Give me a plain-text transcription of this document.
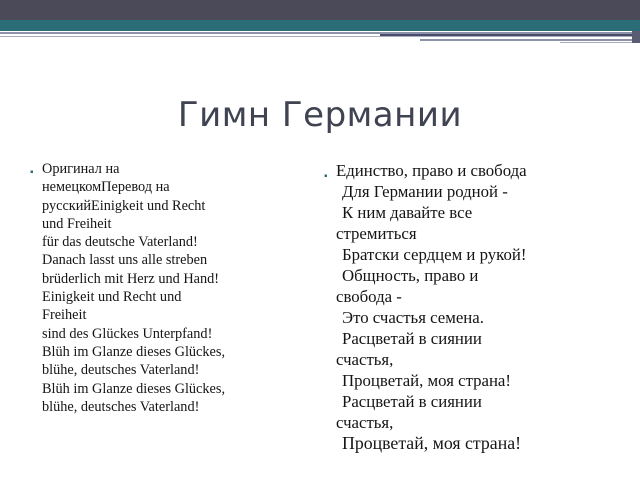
Гимн Германии
▪ Оригинал на
немецкомПеревод на
русскийEinigkeit und Recht
und Freiheit
für das deutsche Vaterland!
Danach lasst uns alle streben
brüderlich mit Herz und Hand!
Einigkeit und Recht und
Freiheit
sind des Glückes Unterpfand!
Blüh im Glanze dieses Glückes,
blühe, deutsches Vaterland!
Blüh im Glanze dieses Glückes,
blühe, deutsches Vaterland!
▪ Единство, право и свобода
Для Германии родной -
К ним давайте все
стремиться
Братски сердцем и рукой!
Общность, право и
свобода -
Это счастья семена.
Расцветай в сиянии
счастья,
Процветай, моя страна!
Расцветай в сиянии
счастья,
Процветай, моя страна!
